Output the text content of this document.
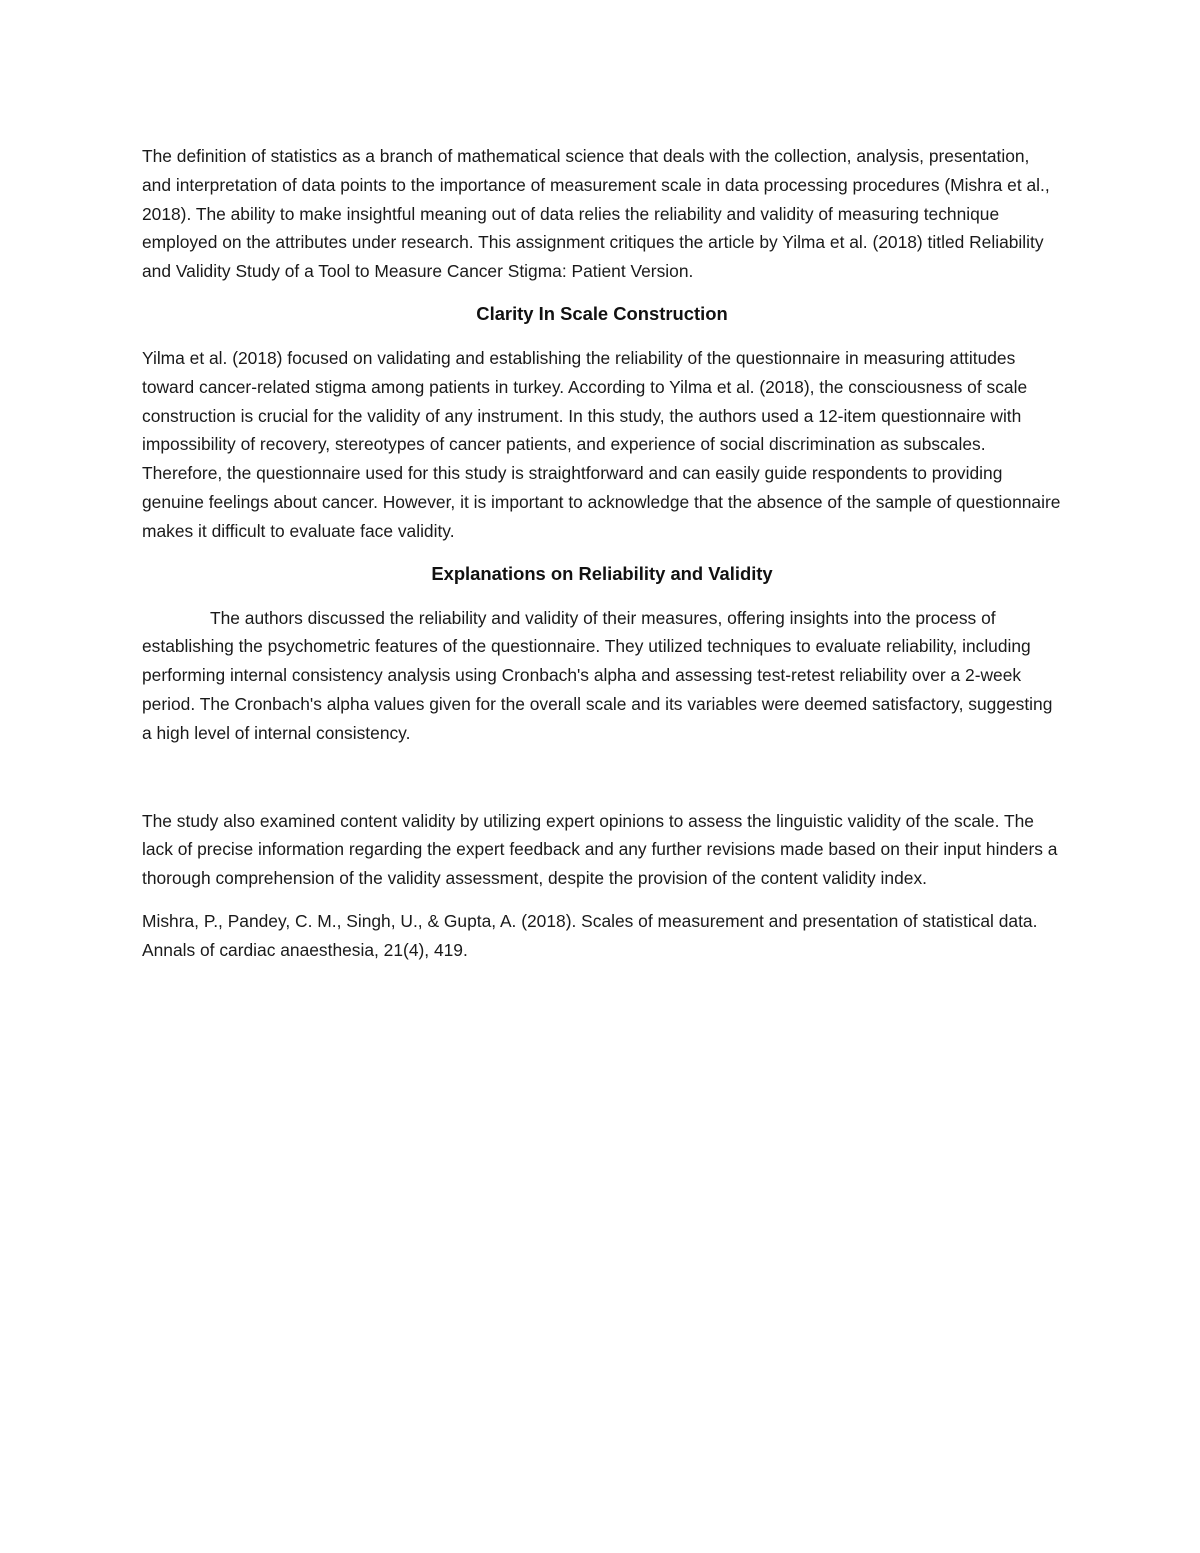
The definition of statistics as a branch of mathematical science that deals with the collection, analysis, presentation, and interpretation of data points to the importance of measurement scale in data processing procedures (Mishra et al., 2018). The ability to make insightful meaning out of data relies the reliability and validity of measuring technique employed on the attributes under research. This assignment critiques the article by Yilma et al. (2018) titled Reliability and Validity Study of a Tool to Measure Cancer Stigma: Patient Version.

Clarity In Scale Construction

Yilma et al. (2018) focused on validating and establishing the reliability of the questionnaire in measuring attitudes toward cancer-related stigma among patients in turkey. According to Yilma et al. (2018), the consciousness of scale construction is crucial for the validity of any instrument. In this study, the authors used a 12-item questionnaire with impossibility of recovery, stereotypes of cancer patients, and experience of social discrimination as subscales. Therefore, the questionnaire used for this study is straightforward and can easily guide respondents to providing genuine feelings about cancer. However, it is important to acknowledge that the absence of the sample of questionnaire makes it difficult to evaluate face validity.

Explanations on Reliability and Validity

The authors discussed the reliability and validity of their measures, offering insights into the process of establishing the psychometric features of the questionnaire. They utilized techniques to evaluate reliability, including performing internal consistency analysis using Cronbach's alpha and assessing test-retest reliability over a 2-week period. The Cronbach's alpha values given for the overall scale and its variables were deemed satisfactory, suggesting a high level of internal consistency.

The study also examined content validity by utilizing expert opinions to assess the linguistic validity of the scale. The lack of precise information regarding the expert feedback and any further revisions made based on their input hinders a thorough comprehension of the validity assessment, despite the provision of the content validity index.

Mishra, P., Pandey, C. M., Singh, U., & Gupta, A. (2018). Scales of measurement and presentation of statistical data. Annals of cardiac anaesthesia, 21(4), 419.
